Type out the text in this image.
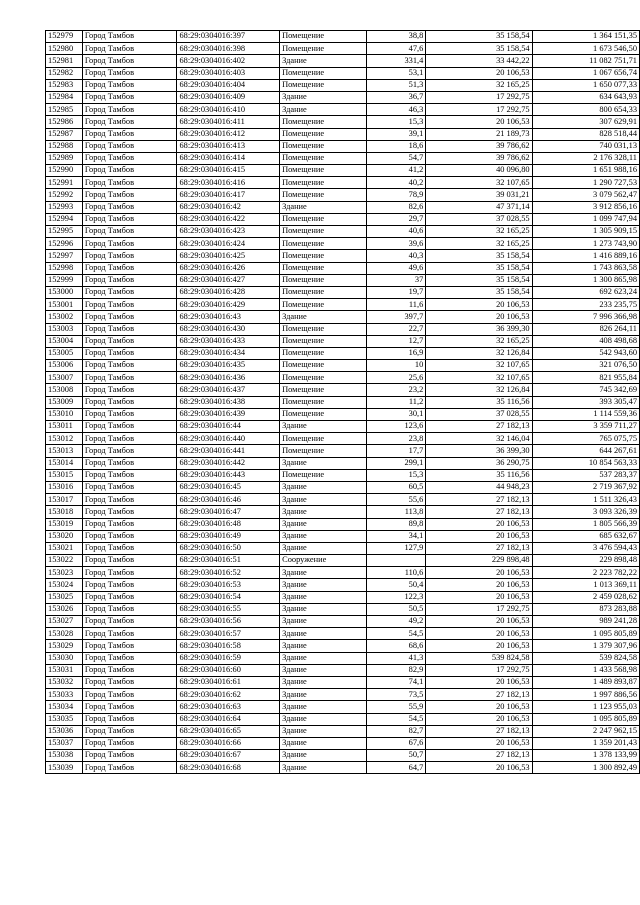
152979	Город Тамбов	68:29:0304016:397	Помещение	38,8	35 158,54	1 364 151,35
152980	Город Тамбов	68:29:0304016:398	Помещение	47,6	35 158,54	1 673 546,50
152981	Город Тамбов	68:29:0304016:402	Здание	331,4	33 442,22	11 082 751,71
152982	Город Тамбов	68:29:0304016:403	Помещение	53,1	20 106,53	1 067 656,74
152983	Город Тамбов	68:29:0304016:404	Помещение	51,3	32 165,25	1 650 077,33
152984	Город Тамбов	68:29:0304016:409	Здание	36,7	17 292,75	634 643,93
152985	Город Тамбов	68:29:0304016:410	Здание	46,3	17 292,75	800 654,33
152986	Город Тамбов	68:29:0304016:411	Помещение	15,3	20 106,53	307 629,91
152987	Город Тамбов	68:29:0304016:412	Помещение	39,1	21 189,73	828 518,44
152988	Город Тамбов	68:29:0304016:413	Помещение	18,6	39 786,62	740 031,13
152989	Город Тамбов	68:29:0304016:414	Помещение	54,7	39 786,62	2 176 328,11
152990	Город Тамбов	68:29:0304016:415	Помещение	41,2	40 096,80	1 651 988,16
152991	Город Тамбов	68:29:0304016:416	Помещение	40,2	32 107,65	1 290 727,53
152992	Город Тамбов	68:29:0304016:417	Помещение	78,9	39 031,21	3 079 562,47
152993	Город Тамбов	68:29:0304016:42	Здание	82,6	47 371,14	3 912 856,16
152994	Город Тамбов	68:29:0304016:422	Помещение	29,7	37 028,55	1 099 747,94
152995	Город Тамбов	68:29:0304016:423	Помещение	40,6	32 165,25	1 305 909,15
152996	Город Тамбов	68:29:0304016:424	Помещение	39,6	32 165,25	1 273 743,90
152997	Город Тамбов	68:29:0304016:425	Помещение	40,3	35 158,54	1 416 889,16
152998	Город Тамбов	68:29:0304016:426	Помещение	49,6	35 158,54	1 743 863,58
152999	Город Тамбов	68:29:0304016:427	Помещение	37	35 158,54	1 300 865,98
153000	Город Тамбов	68:29:0304016:428	Помещение	19,7	35 158,54	692 623,24
153001	Город Тамбов	68:29:0304016:429	Помещение	11,6	20 106,53	233 235,75
153002	Город Тамбов	68:29:0304016:43	Здание	397,7	20 106,53	7 996 366,98
153003	Город Тамбов	68:29:0304016:430	Помещение	22,7	36 399,30	826 264,11
153004	Город Тамбов	68:29:0304016:433	Помещение	12,7	32 165,25	408 498,68
153005	Город Тамбов	68:29:0304016:434	Помещение	16,9	32 126,84	542 943,60
153006	Город Тамбов	68:29:0304016:435	Помещение	10	32 107,65	321 076,50
153007	Город Тамбов	68:29:0304016:436	Помещение	25,6	32 107,65	821 955,84
153008	Город Тамбов	68:29:0304016:437	Помещение	23,2	32 126,84	745 342,69
153009	Город Тамбов	68:29:0304016:438	Помещение	11,2	35 116,56	393 305,47
153010	Город Тамбов	68:29:0304016:439	Помещение	30,1	37 028,55	1 114 559,36
153011	Город Тамбов	68:29:0304016:44	Здание	123,6	27 182,13	3 359 711,27
153012	Город Тамбов	68:29:0304016:440	Помещение	23,8	32 146,04	765 075,75
153013	Город Тамбов	68:29:0304016:441	Помещение	17,7	36 399,30	644 267,61
153014	Город Тамбов	68:29:0304016:442	Здание	299,1	36 290,75	10 854 563,33
153015	Город Тамбов	68:29:0304016:443	Помещение	15,3	35 116,56	537 283,37
153016	Город Тамбов	68:29:0304016:45	Здание	60,5	44 948,23	2 719 367,92
153017	Город Тамбов	68:29:0304016:46	Здание	55,6	27 182,13	1 511 326,43
153018	Город Тамбов	68:29:0304016:47	Здание	113,8	27 182,13	3 093 326,39
153019	Город Тамбов	68:29:0304016:48	Здание	89,8	20 106,53	1 805 566,39
153020	Город Тамбов	68:29:0304016:49	Здание	34,1	20 106,53	685 632,67
153021	Город Тамбов	68:29:0304016:50	Здание	127,9	27 182,13	3 476 594,43
153022	Город Тамбов	68:29:0304016:51	Сооружение		229 898,48	229 898,48
153023	Город Тамбов	68:29:0304016:52	Здание	110,6	20 106,53	2 223 782,22
153024	Город Тамбов	68:29:0304016:53	Здание	50,4	20 106,53	1 013 369,11
153025	Город Тамбов	68:29:0304016:54	Здание	122,3	20 106,53	2 459 028,62
153026	Город Тамбов	68:29:0304016:55	Здание	50,5	17 292,75	873 283,88
153027	Город Тамбов	68:29:0304016:56	Здание	49,2	20 106,53	989 241,28
153028	Город Тамбов	68:29:0304016:57	Здание	54,5	20 106,53	1 095 805,89
153029	Город Тамбов	68:29:0304016:58	Здание	68,6	20 106,53	1 379 307,96
153030	Город Тамбов	68:29:0304016:59	Здание	41,3	539 824,58	539 824,58
153031	Город Тамбов	68:29:0304016:60	Здание	82,9	17 292,75	1 433 568,98
153032	Город Тамбов	68:29:0304016:61	Здание	74,1	20 106,53	1 489 893,87
153033	Город Тамбов	68:29:0304016:62	Здание	73,5	27 182,13	1 997 886,56
153034	Город Тамбов	68:29:0304016:63	Здание	55,9	20 106,53	1 123 955,03
153035	Город Тамбов	68:29:0304016:64	Здание	54,5	20 106,53	1 095 805,89
153036	Город Тамбов	68:29:0304016:65	Здание	82,7	27 182,13	2 247 962,15
153037	Город Тамбов	68:29:0304016:66	Здание	67,6	20 106,53	1 359 201,43
153038	Город Тамбов	68:29:0304016:67	Здание	50,7	27 182,13	1 378 133,99
153039	Город Тамбов	68:29:0304016:68	Здание	64,7	20 106,53	1 300 892,49
